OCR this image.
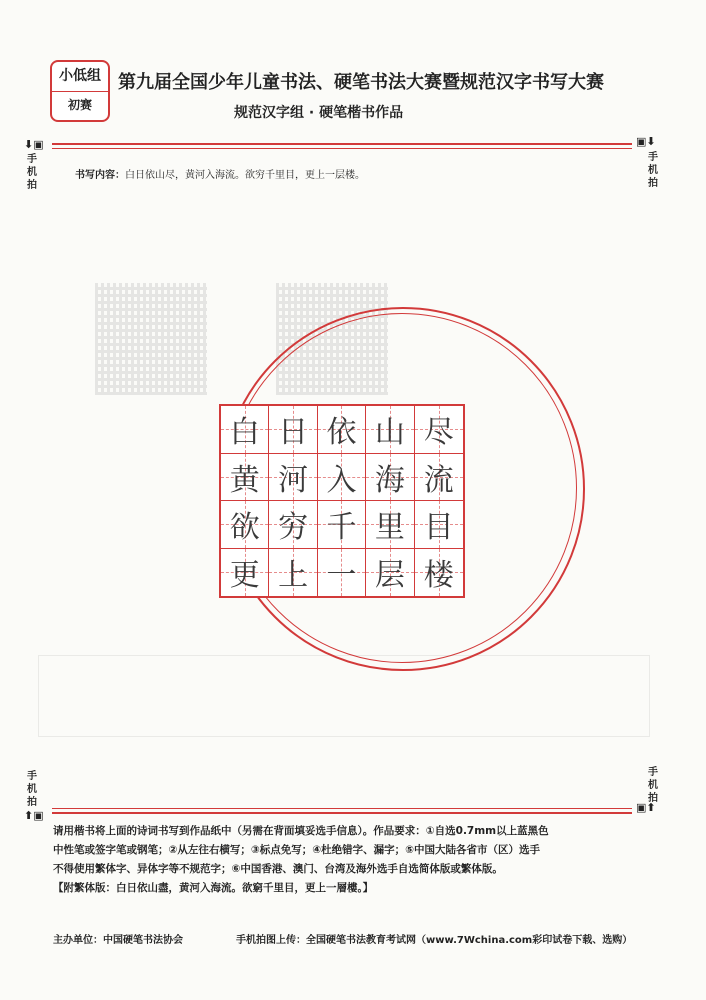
小低组
初赛
第九届全国少年儿童书法、硬笔书法大赛暨规范汉字书写大赛
规范汉字组 · 硬笔楷书作品
⬇▣
手机拍
▣⬇
手机拍
书写内容：白日依山尽，黄河入海流。欲穷千里目，更上一层楼。
白 日 依 山 尽
黄 河 入 海 流
欲 穷 千 里 目
更 上 一 层 楼
手机拍
⬆▣
手机拍
▣⬆

请用楷书将上面的诗词书写到作品纸中（另需在背面填妥选手信息）。作品要求：①自选0.7mm以上蓝黑色

中性笔或签字笔或钢笔；②从左往右横写；③标点免写；④杜绝错字、漏字；⑤中国大陆各省市（区）选手

不得使用繁体字、异体字等不规范字；⑥中国香港、澳门、台湾及海外选手自选简体版或繁体版。

【附繁体版：白日依山盡，黄河入海流。欲窮千里目，更上一層樓。】

主办单位：中国硬笔书法协会	手机拍图上传：全国硬笔书法教育考试网（www.7Wchina.com彩印试卷下载、选购）
